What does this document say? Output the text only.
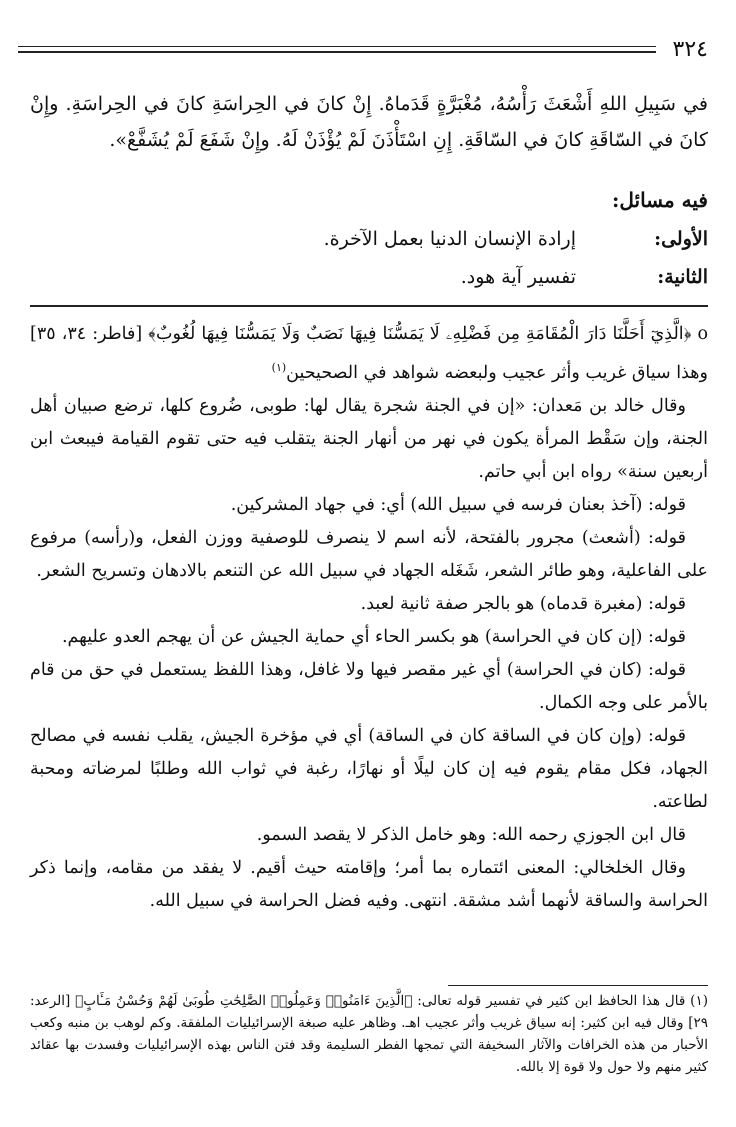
٣٢٤
في سَبِيلِ اللهِ أَشْعَثَ رَأْسُهُ، مُغْبَرَّةٍ قَدَماهُ. إِنْ كانَ في الحِراسَةِ كانَ في الحِراسَةِ. وإِنْ كانَ في السّاقَةِ كانَ في السّاقَةِ. إِنِ اسْتَأْذَنَ لَمْ يُؤْذَنْ لَهُ. وإِنْ شَفَعَ لَمْ يُشَفَّعْ».
فيه مسائل:
الأولى:
إرادة الإنسان الدنيا بعمل الآخرة.
الثانية:
تفسير آية هود.

o ﴿الَّذِيٓ أَحَلَّنَا دَارَ الْمُقَامَةِ مِن فَضْلِهِۦ لَا يَمَسُّنَا فِيهَا نَصَبٌ وَلَا يَمَسُّنَا فِيهَا لُغُوبٌ﴾ [فاطر: ٣٤، ٣٥] وهذا سياق غريب وأثر عجيب ولبعضه شواهد في الصحيحين$^{(١)}$

وقال خالد بن مَعدان: «إن في الجنة شجرة يقال لها: طوبى، ضُروع كلها، ترضع صبيان أهل الجنة، وإن سَقْط المرأة يكون في نهر من أنهار الجنة يتقلب فيه حتى تقوم القيامة فيبعث ابن أربعين سنة» رواه ابن أبي حاتم.

قوله: (آخذ بعنان فرسه في سبيل الله) أي: في جهاد المشركين.

قوله: (أشعث) مجرور بالفتحة، لأنه اسم لا ينصرف للوصفية ووزن الفعل، و(رأسه) مرفوع على الفاعلية، وهو طائر الشعر، شَغَله الجهاد في سبيل الله عن التنعم بالادهان وتسريح الشعر.

قوله: (مغبرة قدماه) هو بالجر صفة ثانية لعبد.

قوله: (إن كان في الحراسة) هو بكسر الحاء أي حماية الجيش عن أن يهجم العدو عليهم.

قوله: (كان في الحراسة) أي غير مقصر فيها ولا غافل، وهذا اللفظ يستعمل في حق من قام بالأمر على وجه الكمال.

قوله: (وإن كان في الساقة كان في الساقة) أي في مؤخرة الجيش، يقلب نفسه في مصالح الجهاد، فكل مقام يقوم فيه إن كان ليلًا أو نهارًا، رغبة في ثواب الله وطلبًا لمرضاته ومحبة لطاعته.

قال ابن الجوزي رحمه الله: وهو خامل الذكر لا يقصد السمو.

وقال الخلخالي: المعنى ائتماره بما أمر؛ وإقامته حيث أقيم. لا يفقد من مقامه، وإنما ذكر الحراسة والساقة لأنهما أشد مشقة. انتهى. وفيه فضل الحراسة في سبيل الله.

(١) قال هذا الحافظ ابن كثير في تفسير قوله تعالى: ﴿الَّذِينَ ءَامَنُوا۟ وَعَمِلُوا۟ الصَّٰلِحَٰتِ طُوبَىٰ لَهُمْ وَحُسْنُ مَـَٔابٍ﴾ [الرعد: ٢٩] وقال فيه ابن كثير: إنه سياق غريب وأثر عجيب اهـ. وظاهر عليه صبغة الإسرائيليات الملفقة. وكم لوهب بن منبه وكعب الأحبار من هذه الخرافات والآثار السخيفة التي تمجها الفطر السليمة وقد فتن الناس بهذه الإسرائيليات وفسدت بها عقائد كثير منهم ولا حول ولا قوة إلا بالله.
